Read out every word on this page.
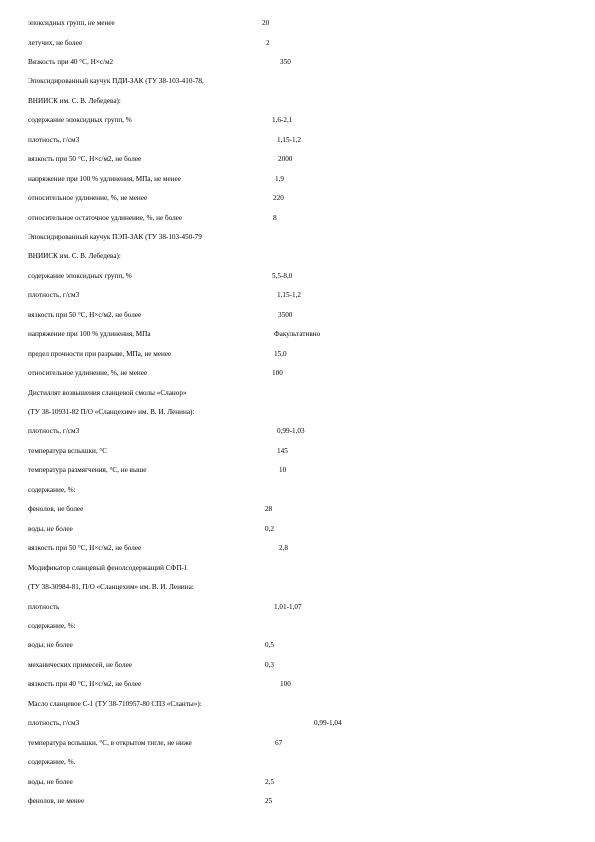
эпоксидных групп, не менее	20
летучих, не более	2
Вязкость при 40 °С, Н×с/м2	350
Эпоксидированный каучук ПДИ-ЗАК (ТУ 38-103-410-78,
ВНИИСК им. С. В. Лебедева):
содержание эпоксидных групп, %	1,6-2,1
плотность, г/см3	1,15-1,2
вязкость при 50 °С, Н×с/м2, не более	2000
напряжение при 100 % удлинения, МПа, не менее	1,9
относительное удлинение, %, не менее	220
относительное остаточное удлинение, %, не более	8
Эпоксидированный каучук ПЭП-ЗАК (ТУ 38-103-450-79
ВНИИСК им. С. В. Лебедева):
содержание эпоксидных групп, %	5,5-8,0
плотность, г/см3	1,15-1,2
вязкость при 50 °С, Н×с/м2, не более	3500
напряжение при 100 % удлинения, МПа	Факультативно
предел прочности при разрыве, МПа, не менее	15,0
относительное удлинение, %, не менее	100
Дистиллят возвышения сланцевой смолы «Сланор»
(ТУ 38-10931-82 П/О «Сланцехим» им. В. И. Ленина):
плотность, г/см3	0,99-1,03
температура вспышки, °С	145
температура размягчения, °С, не выше	10
содержание, %:
фенолов, не более	28
воды, не более	0,2
вязкость при 50 °С, Н×с/м2, не более	2,8
Модификатор сланцевый фенолсодержащий СФП-1
(ТУ 38-30984-81, П/О «Сланцехим» им. В. И. Ленина:
плотность	1,01-1,07
содержание, %:
воды, не более	0,5
механических примесей, не более	0,3
вязкость при 40 °С, Н×с/м2, не более	100
Масло сланцевое С-1 (ТУ 38-710957-80 СПЗ «Сланты»):
плотность, г/см3	0,99-1,04
температура вспышки, °С, в открытом тигле, не ниже	67
содержание, %.
воды, не более	2,5
фенолов, не менее	25
